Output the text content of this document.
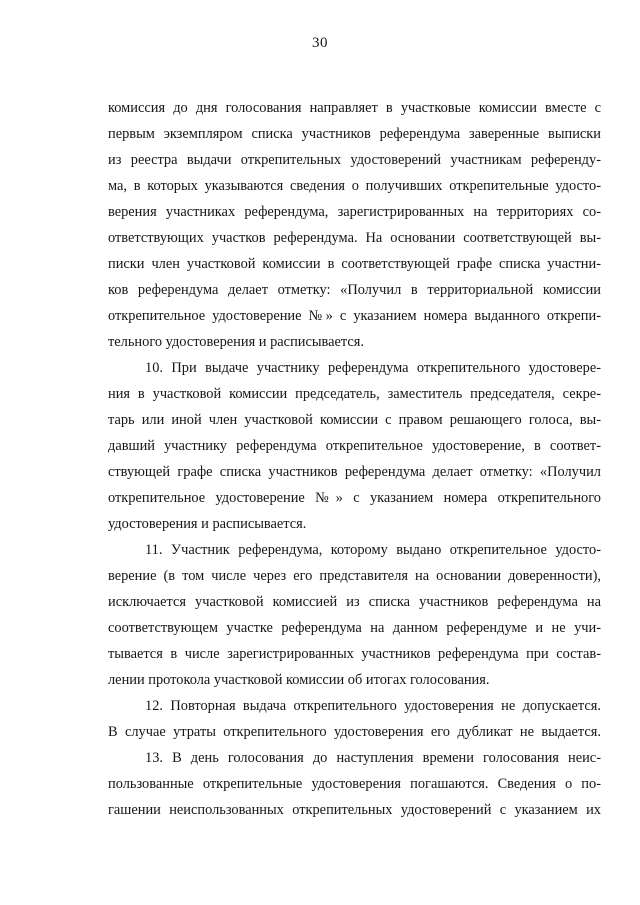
30
комиссия до дня голосования направляет в участковые комиссии вместе с
первым экземпляром списка участников референдума заверенные выписки
из реестра выдачи открепительных удостоверений участникам референду-
ма, в которых указываются сведения о получивших открепительные удосто-
верения участниках референдума, зарегистрированных на территориях со-
ответствующих участков референдума. На основании соответствующей вы-
писки член участковой комиссии в соответствующей графе списка участни-
ков референдума делает отметку: «Получил в территориальной комиссии
открепительное удостоверение №» с указанием номера выданного открепи-
тельного удостоверения и расписывается.
10. При выдаче участнику референдума открепительного удостовере-
ния в участковой комиссии председатель, заместитель председателя, секре-
тарь или иной член участковой комиссии с правом решающего голоса, вы-
давший участнику референдума открепительное удостоверение, в соответ-
ствующей графе списка участников референдума делает отметку: «Получил
открепительное удостоверение №» с указанием номера открепительного
удостоверения и расписывается.
11. Участник референдума, которому выдано открепительное удосто-
верение (в том числе через его представителя на основании доверенности),
исключается участковой комиссией из списка участников референдума на
соответствующем участке референдума на данном референдуме и не учи-
тывается в числе зарегистрированных участников референдума при состав-
лении протокола участковой комиссии об итогах голосования.
12. Повторная выдача открепительного удостоверения не допускается.
В случае утраты открепительного удостоверения его дубликат не выдается.
13. В день голосования до наступления времени голосования неис-
пользованные открепительные удостоверения погашаются. Сведения о по-
гашении неиспользованных открепительных удостоверений с указанием их
